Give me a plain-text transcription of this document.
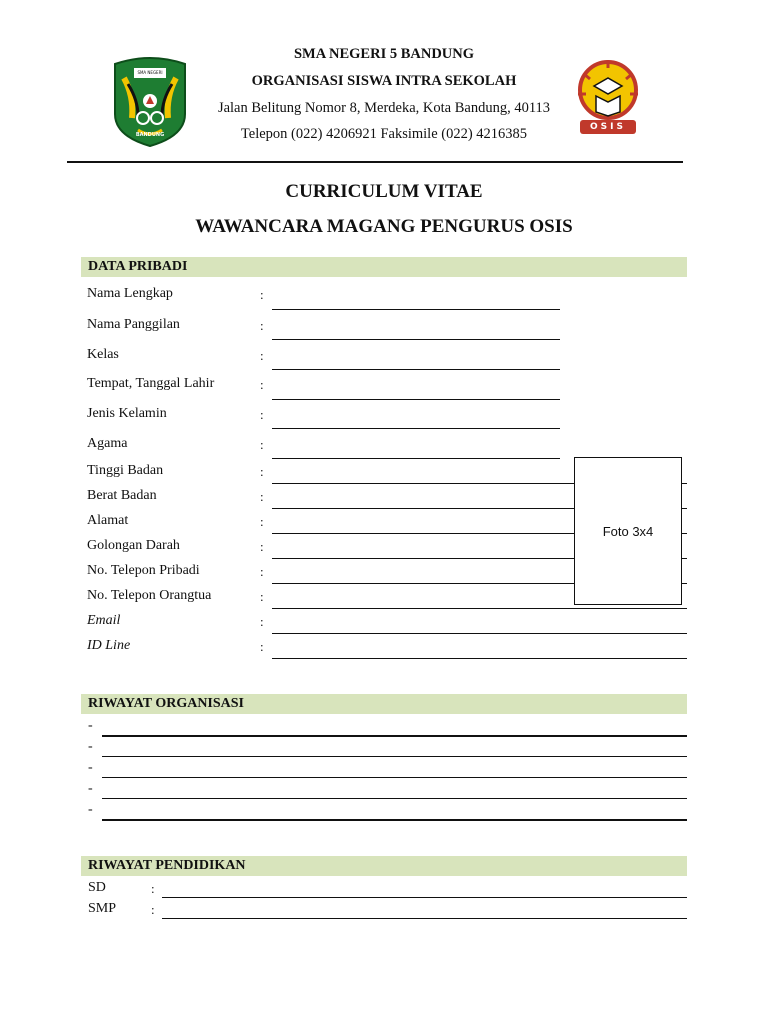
SMA NEGERI
BANDUNG
OSIS
SMA NEGERI 5 BANDUNG
ORGANISASI SISWA INTRA SEKOLAH
Jalan Belitung Nomor 8, Merdeka, Kota Bandung, 40113
Telepon (022) 4206921 Faksimile (022) 4216385
CURRICULUM VITAE
WAWANCARA MAGANG PENGURUS OSIS
DATA PRIBADI
Nama Lengkap	:
Nama Panggilan	:
Kelas	:
Tempat, Tanggal Lahir	:
Jenis Kelamin	:
Agama	:
Tinggi Badan	:
Berat Badan	:
Alamat	:
Golongan Darah	:
No. Telepon Pribadi	:
No. Telepon Orangtua	:
Email	:
ID Line	:
Foto 3x4
RIWAYAT ORGANISASI
-
-
-
-
-
RIWAYAT PENDIDIKAN
SD	:
SMP	:
